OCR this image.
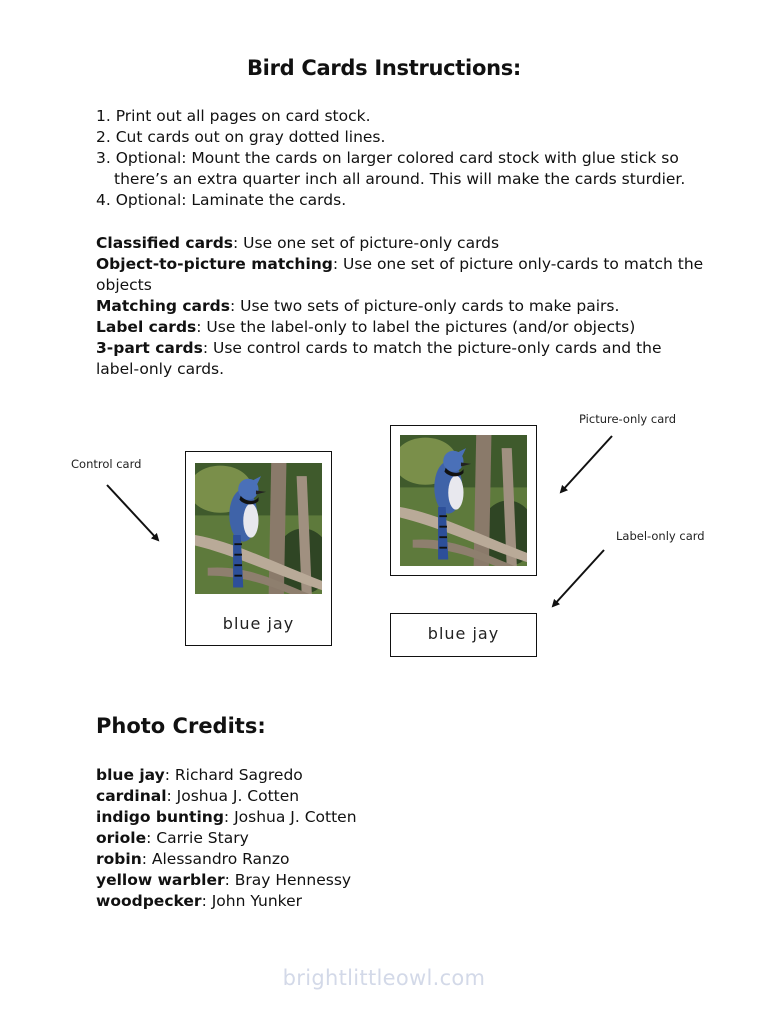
Bird Cards Instructions:
1. Print out all pages on card stock.
2. Cut cards out on gray dotted lines.
3. Optional: Mount the cards on larger colored card stock with glue stick so there’s an extra quarter inch all around. This will make the cards sturdier.
4. Optional: Laminate the cards.
Classified cards: Use one set of picture-only cards
Object-to-picture matching: Use one set of picture only-cards to match the objects
Matching cards: Use two sets of picture-only cards to make pairs.
Label cards: Use the label-only to label the pictures (and/or objects)
3-part cards: Use control cards to match the picture-only cards and the label-only cards.
Control card
Picture-only card
Label-only card
blue jay
blue jay
Photo Credits:
blue jay: Richard Sagredo
cardinal: Joshua J. Cotten
indigo bunting: Joshua J. Cotten
oriole: Carrie Stary
robin: Alessandro Ranzo
yellow warbler: Bray Hennessy
woodpecker: John Yunker
brightlittleowl.com
